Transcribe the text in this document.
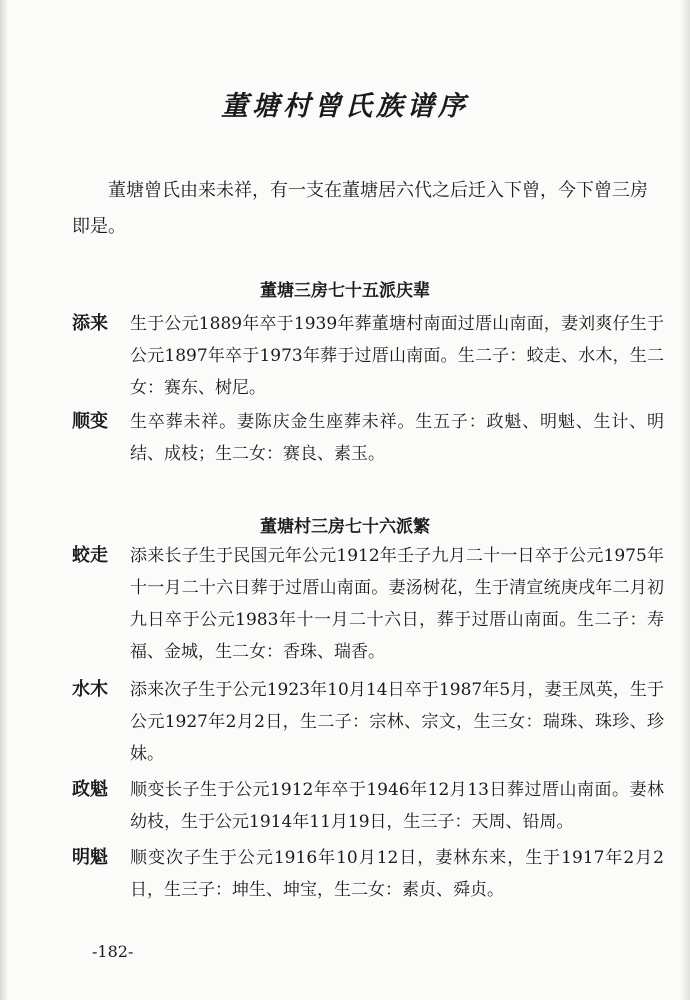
董塘村曾氏族谱序
董塘曾氏由来未祥，有一支在董塘居六代之后迁入下曾，今下曾三房即是。
董塘三房七十五派庆辈
添来 生于公元1889年卒于1939年葬董塘村南面过厝山南面，妻刘爽仔生于公元1897年卒于1973年葬于过厝山南面。生二子：蛟走、水木，生二女：赛东、树尼。
顺变 生卒葬未祥。妻陈庆金生座葬未祥。生五子：政魁、明魁、生计、明结、成枝；生二女：赛良、素玉。
董塘村三房七十六派繁
蛟走 添来长子生于民国元年公元1912年壬子九月二十一日卒于公元1975年十一月二十六日葬于过厝山南面。妻汤树花，生于清宣统庚戌年二月初九日卒于公元1983年十一月二十六日，葬于过厝山南面。生二子：寿福、金城，生二女：香珠、瑞香。
水木 添来次子生于公元1923年10月14日卒于1987年5月，妻王凤英，生于公元1927年2月2日，生二子：宗林、宗文，生三女：瑞珠、珠珍、珍妹。
政魁 顺变长子生于公元1912年卒于1946年12月13日葬过厝山南面。妻林幼枝，生于公元1914年11月19日，生三子：天周、铅周。
明魁 顺变次子生于公元1916年10月12日，妻林东来，生于1917年2月2日，生三子：坤生、坤宝，生二女：素贞、舜贞。
-182-
